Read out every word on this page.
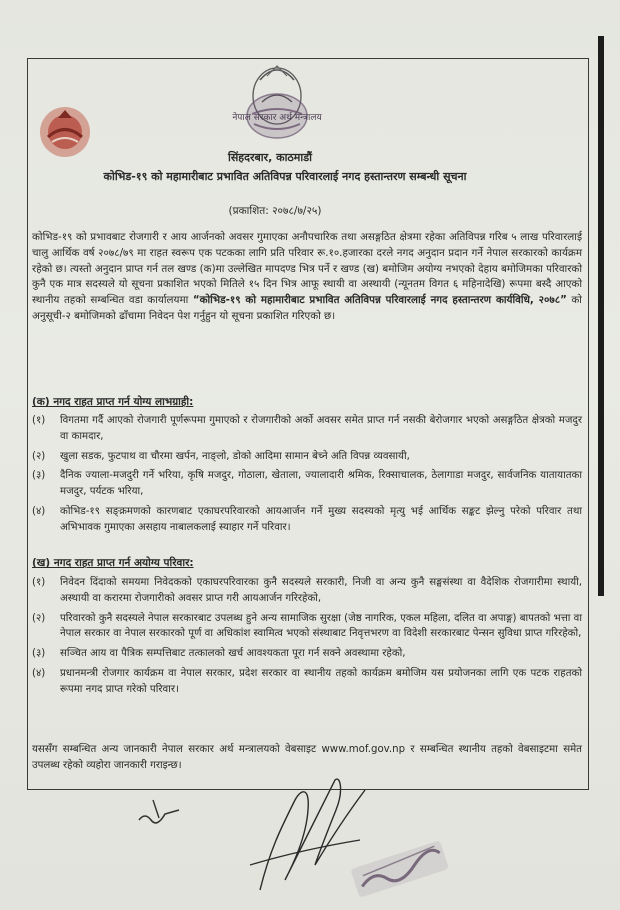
नेपाल सरकार अर्थ मन्त्रालय
सिंहदरबार, काठमाडौं
कोभिड-१९ को महामारीबाट प्रभावित अतिविपन्न परिवारलाई नगद हस्तान्तरण सम्बन्धी सूचना
(प्रकाशित: २०७८/७/२५)
कोभिड-१९ को प्रभावबाट रोजगारी र आय आर्जनको अवसर गुमाएका अनौपचारिक तथा असङ्गठित क्षेत्रमा रहेका अतिविपन्न गरिब ५ लाख परिवारलाई चालु आर्थिक वर्ष २०७८/७९ मा राहत स्वरूप एक पटकका लागि प्रति परिवार रू.१०.हजारका दरले नगद अनुदान प्रदान गर्ने नेपाल सरकारको कार्यक्रम रहेको छ। त्यस्तो अनुदान प्राप्त गर्न तल खण्ड (क)मा उल्लेखित मापदण्ड भित्र पर्ने र खण्ड (ख) बमोजिम अयोग्य नभएको देहाय बमोजिमका परिवारको कुनै एक मात्र सदस्यले यो सूचना प्रकाशित भएको मितिले १५ दिन भित्र आफू स्थायी वा अस्थायी (न्यूनतम विगत ६ महिनादेखि) रूपमा बस्दै आएको स्थानीय तहको सम्बन्धित वडा कार्यालयमा “कोभिड-१९ को महामारीबाट प्रभावित अतिविपन्न परिवारलाई नगद हस्तान्तरण कार्यविधि, २०७८” को अनुसूची-२ बमोजिमको ढाँचामा निवेदन पेश गर्नुहुन यो सूचना प्रकाशित गरिएको छ।
(क) नगद राहत प्राप्त गर्न योग्य लाभग्राही:
(१)	विगतमा गर्दै आएको रोजगारी पूर्णरूपमा गुमाएको र रोजगारीको अर्को अवसर समेत प्राप्त गर्न नसकी बेरोजगार भएको असङ्गठित क्षेत्रको मजदुर वा कामदार,
(२)	खुला सडक, फुटपाथ वा चौरमा खर्पन, नाङ्लो, डोको आदिमा सामान बेच्ने अति विपन्न व्यवसायी,
(३)	दैनिक ज्याला-मजदुरी गर्ने भरिया, कृषि मजदुर, गोठाला, खेताला, ज्यालादारी श्रमिक, रिक्साचालक, ठेलागाडा मजदुर, सार्वजनिक यातायातका मजदुर, पर्यटक भरिया,
(४)	कोभिड-१९ सङ्क्रमणको कारणबाट एकाघरपरिवारको आयआर्जन गर्ने मुख्य सदस्यको मृत्यु भई आर्थिक सङ्कट झेल्नु परेको परिवार तथा अभिभावक गुमाएका असहाय नाबालकलाई स्याहार गर्ने परिवार।
(ख) नगद राहत प्राप्त गर्न अयोग्य परिवार:
(१)	निवेदन दिंदाको समयमा निवेदकको एकाघरपरिवारका कुनै सदस्यले सरकारी, निजी वा अन्य कुनै सङ्घसंस्था वा वैदेशिक रोजगारीमा स्थायी, अस्थायी वा करारमा रोजगारीको अवसर प्राप्त गरी आयआर्जन गरिरहेको,
(२)	परिवारको कुनै सदस्यले नेपाल सरकारबाट उपलब्ध हुने अन्य सामाजिक सुरक्षा (जेष्ठ नागरिक, एकल महिला, दलित वा अपाङ्ग) बापतको भत्ता वा नेपाल सरकार वा नेपाल सरकारको पूर्ण वा अधिकांश स्वामित्व भएको संस्थाबाट निवृत्तभरण वा विदेशी सरकारबाट पेन्सन सुविधा प्राप्त गरिरहेको,
(३)	सञ्चित आय वा पैत्रिक सम्पत्तिबाट तत्कालको खर्च आवश्यकता पूरा गर्न सक्ने अवस्थामा रहेको,
(४)	प्रधानमन्त्री रोजगार कार्यक्रम वा नेपाल सरकार, प्रदेश सरकार वा स्थानीय तहको कार्यक्रम बमोजिम यस प्रयोजनका लागि एक पटक राहतको रूपमा नगद प्राप्त गरेको परिवार।
यससँग सम्बन्धित अन्य जानकारी नेपाल सरकार अर्थ मन्त्रालयको वेबसाइट www.mof.gov.np र सम्बन्धित स्थानीय तहको वेबसाइटमा समेत उपलब्ध रहेको व्यहोरा जानकारी गराइन्छ।
